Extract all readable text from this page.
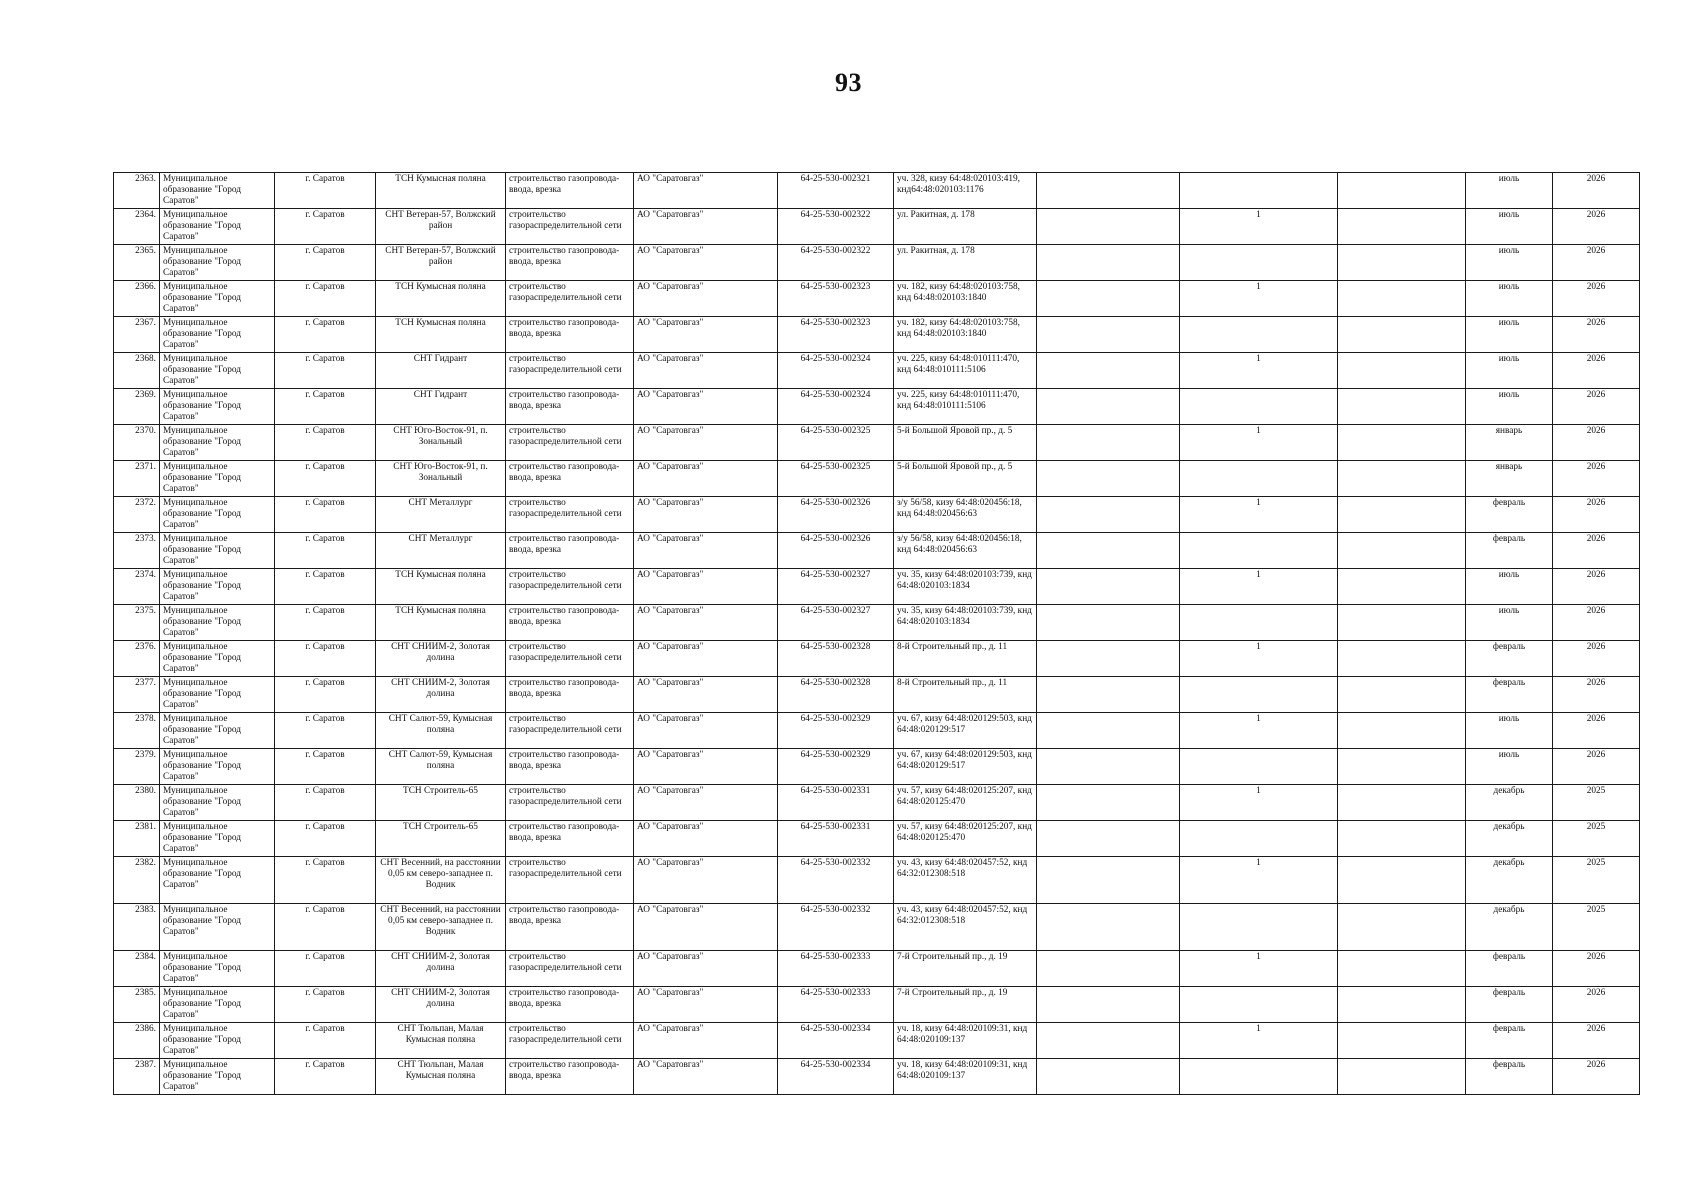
93
2363.	Муниципальное образование "Город Саратов"	г. Саратов	ТСН Кумысная поляна	строительство газопровода-ввода, врезка	АО "Саратовгаз"	64-25-530-002321	уч. 328, кизу 64:48:020103:419, кнд64:48:020103:1176				июль	2026
2364.	Муниципальное образование "Город Саратов"	г. Саратов	СНТ Ветеран-57, Волжский район	строительство газораспределительной сети	АО "Саратовгаз"	64-25-530-002322	ул. Ракитная, д. 178		1		июль	2026
2365.	Муниципальное образование "Город Саратов"	г. Саратов	СНТ Ветеран-57, Волжский район	строительство газопровода-ввода, врезка	АО "Саратовгаз"	64-25-530-002322	ул. Ракитная, д. 178				июль	2026
2366.	Муниципальное образование "Город Саратов"	г. Саратов	ТСН Кумысная поляна	строительство газораспределительной сети	АО "Саратовгаз"	64-25-530-002323	уч. 182, кизу 64:48:020103:758, кнд 64:48:020103:1840		1		июль	2026
2367.	Муниципальное образование "Город Саратов"	г. Саратов	ТСН Кумысная поляна	строительство газопровода-ввода, врезка	АО "Саратовгаз"	64-25-530-002323	уч. 182, кизу 64:48:020103:758, кнд 64:48:020103:1840				июль	2026
2368.	Муниципальное образование "Город Саратов"	г. Саратов	СНТ Гидрант	строительство газораспределительной сети	АО "Саратовгаз"	64-25-530-002324	уч. 225, кизу 64:48:010111:470, кнд 64:48:010111:5106		1		июль	2026
2369.	Муниципальное образование "Город Саратов"	г. Саратов	СНТ Гидрант	строительство газопровода-ввода, врезка	АО "Саратовгаз"	64-25-530-002324	уч. 225, кизу 64:48:010111:470, кнд 64:48:010111:5106				июль	2026
2370.	Муниципальное образование "Город Саратов"	г. Саратов	СНТ Юго-Восток-91, п. Зональный	строительство газораспределительной сети	АО "Саратовгаз"	64-25-530-002325	5-й Большой Яровой пр., д. 5		1		январь	2026
2371.	Муниципальное образование "Город Саратов"	г. Саратов	СНТ Юго-Восток-91, п. Зональный	строительство газопровода-ввода, врезка	АО "Саратовгаз"	64-25-530-002325	5-й Большой Яровой пр., д. 5				январь	2026
2372.	Муниципальное образование "Город Саратов"	г. Саратов	СНТ Металлург	строительство газораспределительной сети	АО "Саратовгаз"	64-25-530-002326	з/у 56/58, кизу 64:48:020456:18, кнд 64:48:020456:63		1		февраль	2026
2373.	Муниципальное образование "Город Саратов"	г. Саратов	СНТ Металлург	строительство газопровода-ввода, врезка	АО "Саратовгаз"	64-25-530-002326	з/у 56/58, кизу 64:48:020456:18, кнд 64:48:020456:63				февраль	2026
2374.	Муниципальное образование "Город Саратов"	г. Саратов	ТСН Кумысная поляна	строительство газораспределительной сети	АО "Саратовгаз"	64-25-530-002327	уч. 35, кизу 64:48:020103:739, кнд 64:48:020103:1834		1		июль	2026
2375.	Муниципальное образование "Город Саратов"	г. Саратов	ТСН Кумысная поляна	строительство газопровода-ввода, врезка	АО "Саратовгаз"	64-25-530-002327	уч. 35, кизу 64:48:020103:739, кнд 64:48:020103:1834				июль	2026
2376.	Муниципальное образование "Город Саратов"	г. Саратов	СНТ СНИИМ-2, Золотая долина	строительство газораспределительной сети	АО "Саратовгаз"	64-25-530-002328	8-й Строительный пр., д. 11		1		февраль	2026
2377.	Муниципальное образование "Город Саратов"	г. Саратов	СНТ СНИИМ-2, Золотая долина	строительство газопровода-ввода, врезка	АО "Саратовгаз"	64-25-530-002328	8-й Строительный пр., д. 11				февраль	2026
2378.	Муниципальное образование "Город Саратов"	г. Саратов	СНТ Салют-59, Кумысная поляна	строительство газораспределительной сети	АО "Саратовгаз"	64-25-530-002329	уч. 67, кизу 64:48:020129:503, кнд 64:48:020129:517		1		июль	2026
2379.	Муниципальное образование "Город Саратов"	г. Саратов	СНТ Салют-59, Кумысная поляна	строительство газопровода-ввода, врезка	АО "Саратовгаз"	64-25-530-002329	уч. 67, кизу 64:48:020129:503, кнд 64:48:020129:517				июль	2026
2380.	Муниципальное образование "Город Саратов"	г. Саратов	ТСН Строитель-65	строительство газораспределительной сети	АО "Саратовгаз"	64-25-530-002331	уч. 57, кизу 64:48:020125:207, кнд 64:48:020125:470		1		декабрь	2025
2381.	Муниципальное образование "Город Саратов"	г. Саратов	ТСН Строитель-65	строительство газопровода-ввода, врезка	АО "Саратовгаз"	64-25-530-002331	уч. 57, кизу 64:48:020125:207, кнд 64:48:020125:470				декабрь	2025
2382.	Муниципальное образование "Город Саратов"	г. Саратов	СНТ Весенний, на расстоянии 0,05 км северо-западнее п. Водник	строительство газораспределительной сети	АО "Саратовгаз"	64-25-530-002332	уч. 43, кизу 64:48:020457:52, кнд 64:32:012308:518		1		декабрь	2025
2383.	Муниципальное образование "Город Саратов"	г. Саратов	СНТ Весенний, на расстоянии 0,05 км северо-западнее п. Водник	строительство газопровода-ввода, врезка	АО "Саратовгаз"	64-25-530-002332	уч. 43, кизу 64:48:020457:52, кнд 64:32:012308:518				декабрь	2025
2384.	Муниципальное образование "Город Саратов"	г. Саратов	СНТ СНИИМ-2, Золотая долина	строительство газораспределительной сети	АО "Саратовгаз"	64-25-530-002333	7-й Строительный пр., д. 19		1		февраль	2026
2385.	Муниципальное образование "Город Саратов"	г. Саратов	СНТ СНИИМ-2, Золотая долина	строительство газопровода-ввода, врезка	АО "Саратовгаз"	64-25-530-002333	7-й Строительный пр., д. 19				февраль	2026
2386.	Муниципальное образование "Город Саратов"	г. Саратов	СНТ Тюльпан, Малая Кумысная поляна	строительство газораспределительной сети	АО "Саратовгаз"	64-25-530-002334	уч. 18, кизу 64:48:020109:31, кнд 64:48:020109:137		1		февраль	2026
2387.	Муниципальное образование "Город Саратов"	г. Саратов	СНТ Тюльпан, Малая Кумысная поляна	строительство газопровода-ввода, врезка	АО "Саратовгаз"	64-25-530-002334	уч. 18, кизу 64:48:020109:31, кнд 64:48:020109:137				февраль	2026
